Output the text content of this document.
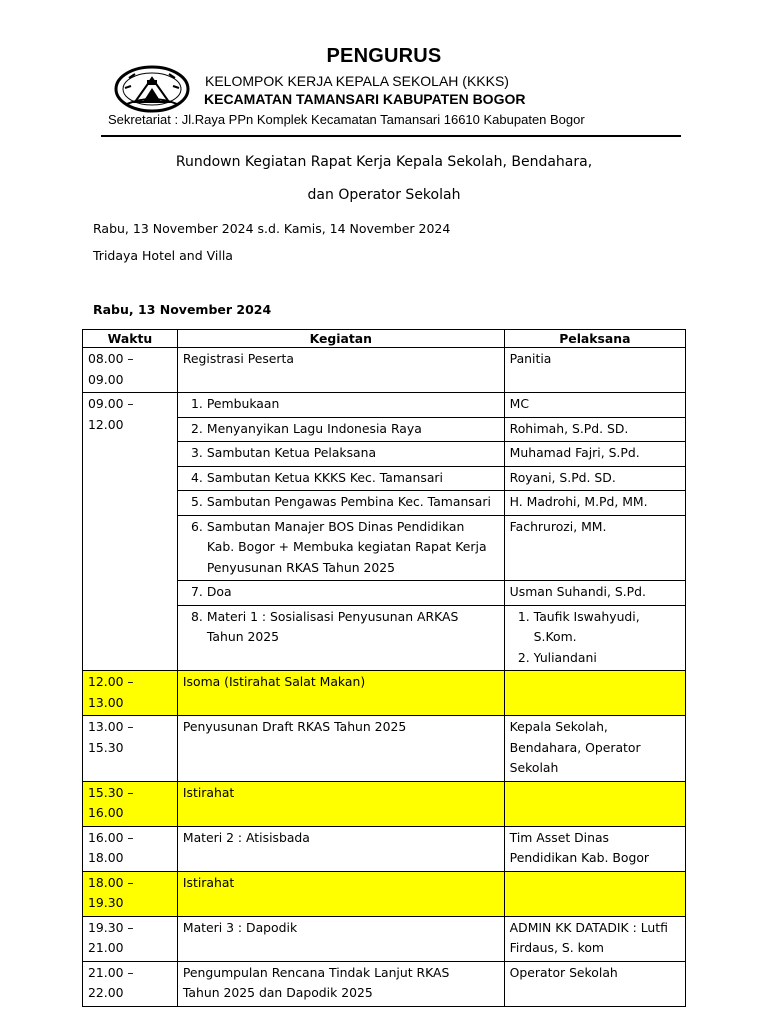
PENGURUS
KELOMPOK KERJA KEPALA SEKOLAH (KKKS)
KECAMATAN TAMANSARI KABUPATEN BOGOR
Sekretariat : Jl.Raya PPn Komplek Kecamatan Tamansari 16610 Kabupaten Bogor
Rundown Kegiatan Rapat Kerja Kepala Sekolah, Bendahara,
dan Operator Sekolah
Rabu, 13 November 2024 s.d. Kamis, 14 November 2024
Tridaya Hotel and Villa
Rabu, 13 November 2024
Waktu	Kegiatan	Pelaksana
08.00 – 09.00	Registrasi Peserta	Panitia
09.00 – 12.00	1. Pembukaan	MC
	2. Menyanyikan Lagu Indonesia Raya	Rohimah, S.Pd. SD.
	3. Sambutan Ketua Pelaksana	Muhamad Fajri, S.Pd.
	4. Sambutan Ketua KKKS Kec. Tamansari	Royani, S.Pd. SD.
	5. Sambutan Pengawas Pembina Kec. Tamansari	H. Madrohi, M.Pd, MM.
	6. Sambutan Manajer BOS Dinas Pendidikan
Kab. Bogor + Membuka kegiatan Rapat Kerja
Penyusunan RKAS Tahun 2025	Fachrurozi, MM.
	7. Doa	Usman Suhandi, S.Pd.
	8. Materi 1 : Sosialisasi Penyusunan ARKAS
Tahun 2025	1. Taufik Iswahyudi,
S.Kom.
2. Yuliandani
12.00 – 13.00	Isoma (Istirahat Salat Makan)	
13.00 – 15.30	Penyusunan Draft RKAS Tahun 2025	Kepala Sekolah,
Bendahara, Operator
Sekolah

15.30 – 16.00	Istirahat	
16.00 – 18.00	Materi 2 : Atisisbada	Tim Asset Dinas
Pendidikan Kab. Bogor

18.00 – 19.30	Istirahat	
19.30 – 21.00	Materi 3 : Dapodik	ADMIN KK DATADIK : Lutfi
Firdaus, S. kom

21.00 – 22.00	Pengumpulan Rencana Tindak Lanjut RKAS
Tahun 2025 dan Dapodik 2025	Operator Sekolah
